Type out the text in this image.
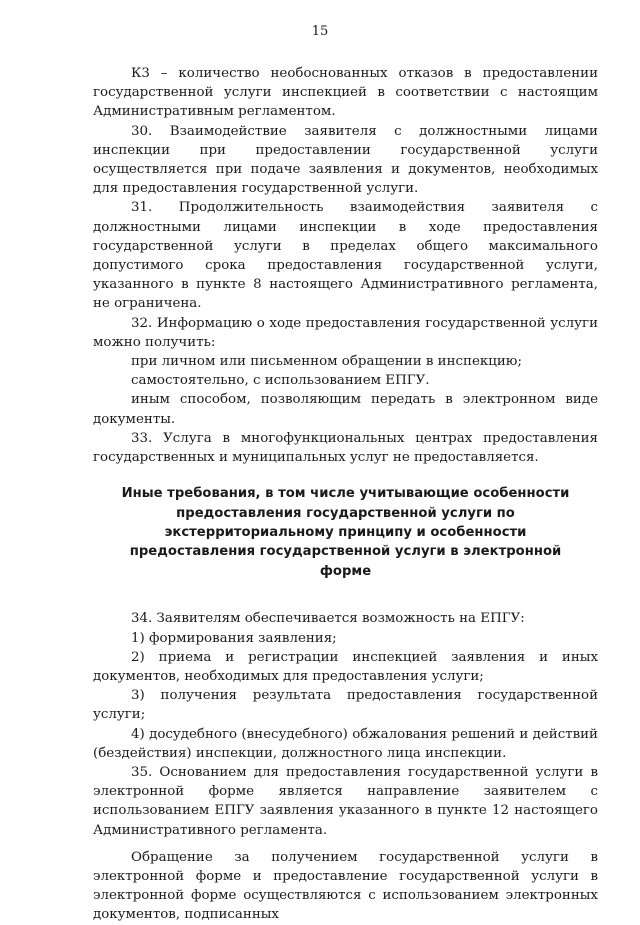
15

К3 – количество необоснованных отказов в предоставлении государственной услуги инспекцией в соответствии с настоящим Административным регламентом.

30. Взаимодействие заявителя с должностными лицами инспекции при предоставлении государственной услуги осуществляется при подаче заявления и документов, необходимых для предоставления государственной услуги.

31. Продолжительность взаимодействия заявителя с должностными лицами инспекции в ходе предоставления государственной услуги в пределах общего максимального допустимого срока предоставления государственной услуги, указанного в пункте 8 настоящего Административного регламента, не ограничена.

32. Информацию о ходе предоставления государственной услуги можно получить:

при личном или письменном обращении в инспекцию;

самостоятельно, с использованием ЕПГУ.

иным способом, позволяющим передать в электронном виде документы.

33. Услуга в многофункциональных центрах предоставления государственных и муниципальных услуг не предоставляется.

Иные требования, в том числе учитывающие особенности предоставления государственной услуги по экстерриториальному принципу и особенности предоставления государственной услуги в электронной форме

34. Заявителям обеспечивается возможность на ЕПГУ:

1) формирования заявления;

2) приема и регистрации инспекцией заявления и иных документов, необходимых для предоставления услуги;

3) получения результата предоставления государственной услуги;

4) досудебного (внесудебного) обжалования решений и действий (бездействия) инспекции, должностного лица инспекции.

35. Основанием для предоставления государственной услуги в электронной форме является направление заявителем с использованием ЕПГУ заявления указанного в пункте 12 настоящего Административного регламента.

Обращение за получением государственной услуги в электронной форме и предоставление государственной услуги в электронной форме осуществляются с использованием электронных документов, подписанных
